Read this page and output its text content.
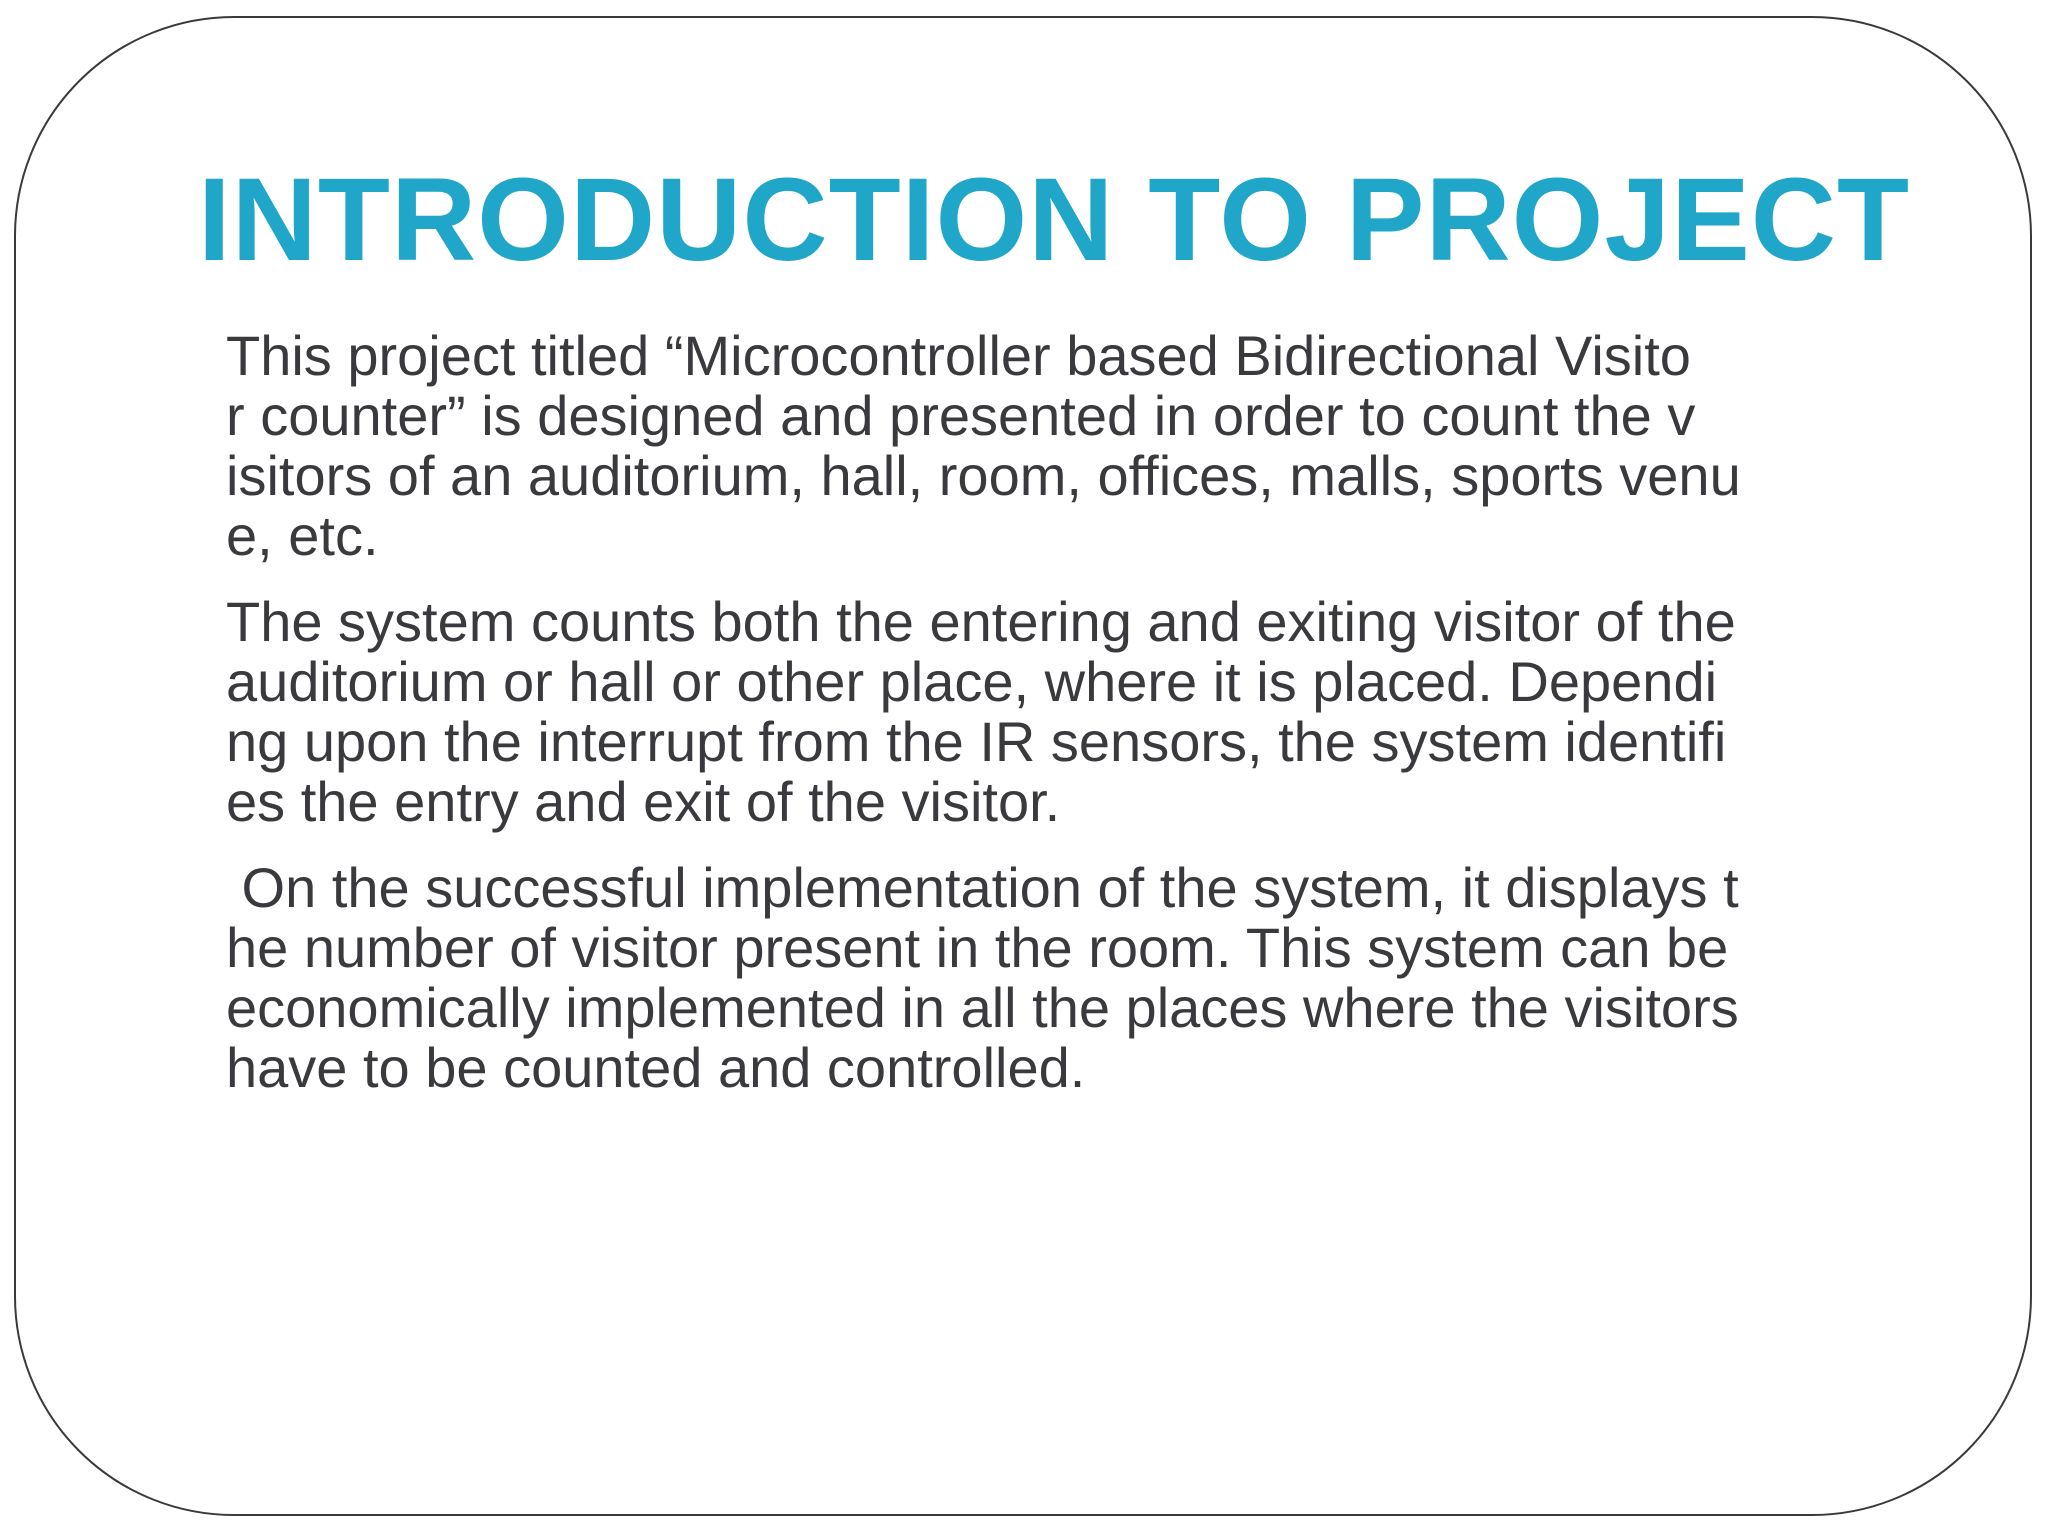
INTRODUCTION TO PROJECT

This project titled “Microcontroller based Bidirectional Visito
r counter” is designed and presented in order to count the v
isitors of an auditorium, hall, room, offices, malls, sports venu
e, etc.

The system counts both the entering and exiting visitor of the
auditorium or hall or other place, where it is placed. Dependi
ng upon the interrupt from the IR sensors, the system identifi
es the entry and exit of the visitor.

On the successful implementation of the system, it displays t
he number of visitor present in the room. This system can be
economically implemented in all the places where the visitors
have to be counted and controlled.
